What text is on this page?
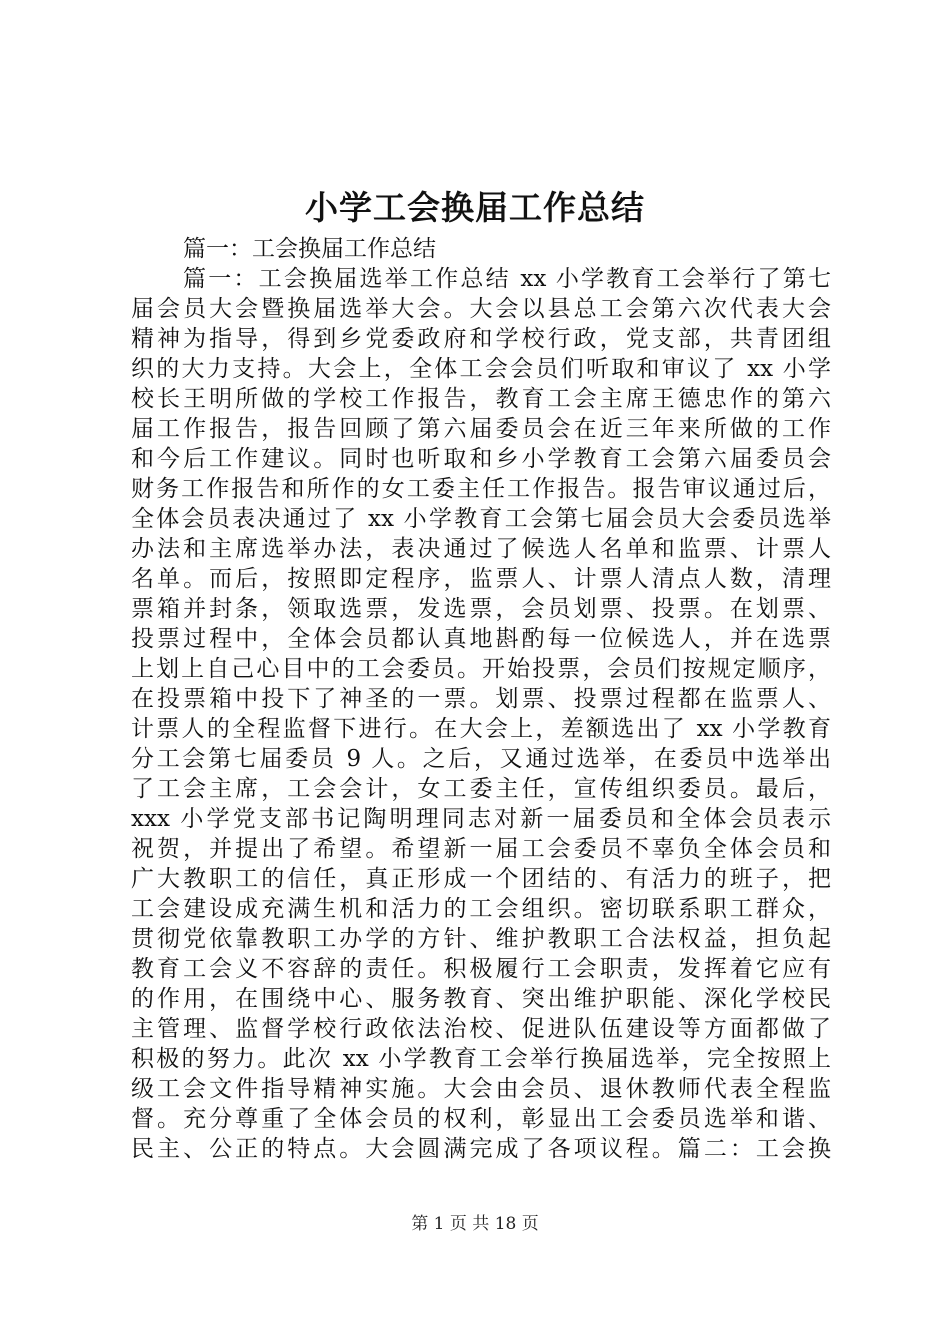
小学工会换届工作总结
篇一：工会换届工作总结
篇一：工会换届选举工作总结 xx 小学教育工会举行了第七
届会员大会暨换届选举大会。大会以县总工会第六次代表大会
精神为指导，得到乡党委政府和学校行政，党支部，共青团组
织的大力支持。大会上，全体工会会员们听取和审议了 xx 小学
校长王明所做的学校工作报告，教育工会主席王德忠作的第六
届工作报告，报告回顾了第六届委员会在近三年来所做的工作
和今后工作建议。同时也听取和乡小学教育工会第六届委员会
财务工作报告和所作的女工委主任工作报告。报告审议通过后，
全体会员表决通过了 xx 小学教育工会第七届会员大会委员选举
办法和主席选举办法，表决通过了候选人名单和监票、计票人
名单。而后，按照即定程序，监票人、计票人清点人数，清理
票箱并封条，领取选票，发选票，会员划票、投票。在划票、
投票过程中，全体会员都认真地斟酌每一位候选人，并在选票
上划上自己心目中的工会委员。开始投票，会员们按规定顺序，
在投票箱中投下了神圣的一票。划票、投票过程都在监票人、
计票人的全程监督下进行。在大会上，差额选出了 xx 小学教育
分工会第七届委员 9 人。之后，又通过选举，在委员中选举出
了工会主席，工会会计，女工委主任，宣传组织委员。最后，
xxx 小学党支部书记陶明理同志对新一届委员和全体会员表示
祝贺，并提出了希望。希望新一届工会委员不辜负全体会员和
广大教职工的信任，真正形成一个团结的、有活力的班子，把
工会建设成充满生机和活力的工会组织。密切联系职工群众，
贯彻党依靠教职工办学的方针、维护教职工合法权益，担负起
教育工会义不容辞的责任。积极履行工会职责，发挥着它应有
的作用，在围绕中心、服务教育、突出维护职能、深化学校民
主管理、监督学校行政依法治校、促进队伍建设等方面都做了
积极的努力。此次 xx 小学教育工会举行换届选举，完全按照上
级工会文件指导精神实施。大会由会员、退休教师代表全程监
督。充分尊重了全体会员的权利，彰显出工会委员选举和谐、
民主、公正的特点。大会圆满完成了各项议程。篇二：工会换
第 1 页 共 18 页
